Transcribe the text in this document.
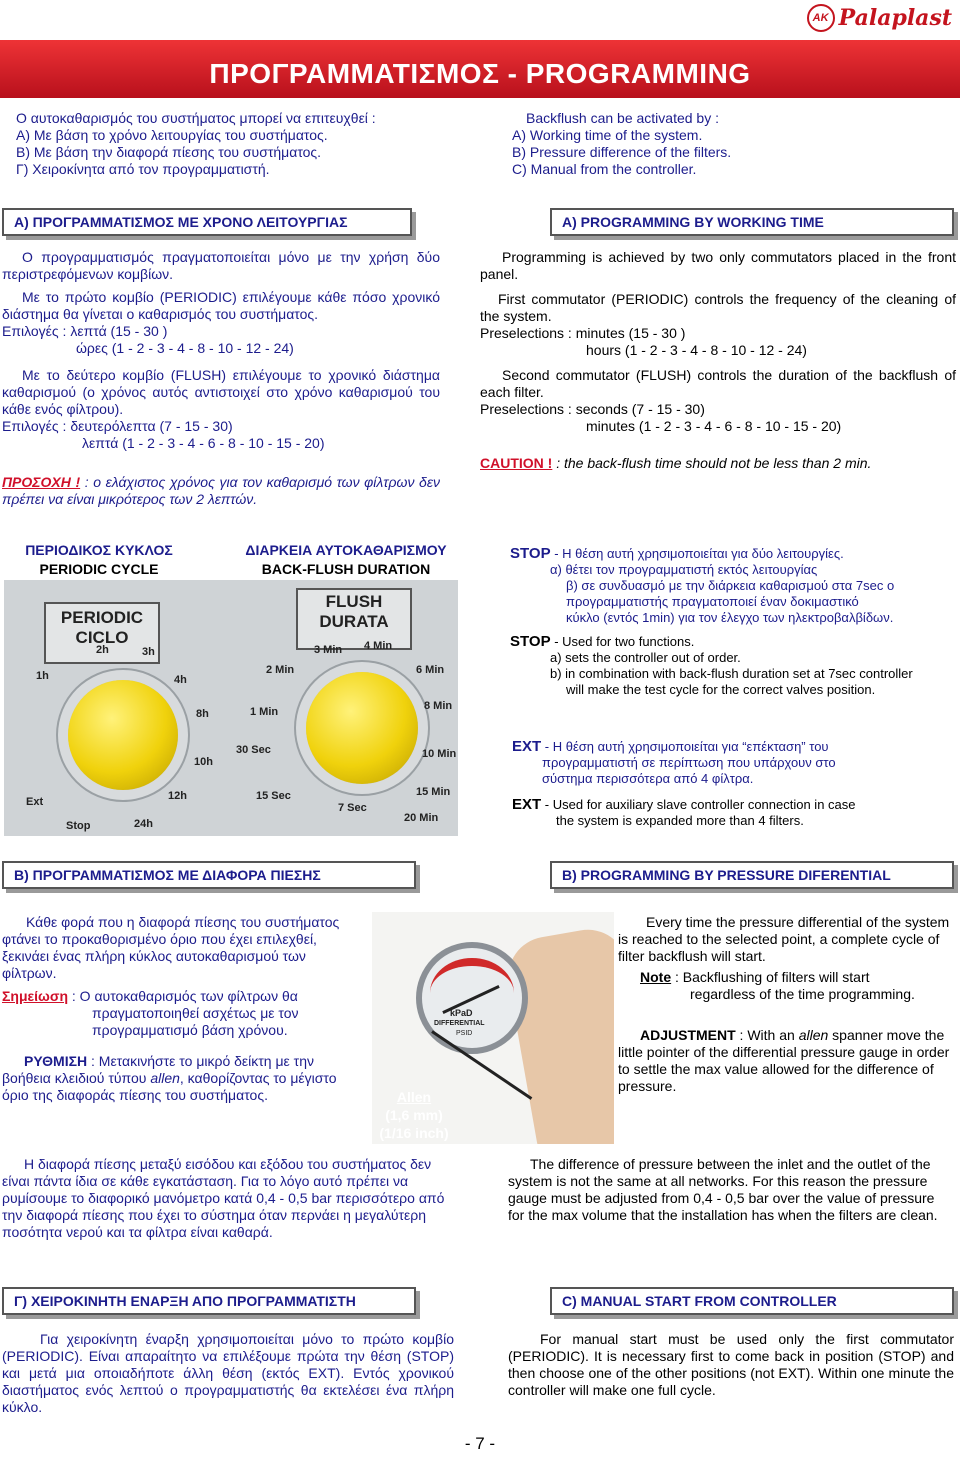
AK Palaplast
ΠΡΟΓΡΑΜΜΑΤΙΣΜΟΣ - PROGRAMMING
Ο αυτοκαθαρισμός του συστήματος μπορεί να επιτευχθεί :
Α) Με βάση το χρόνο λειτουργίας του συστήματος.
Β) Με βάση την διαφορά πίεσης του συστήματος.
Γ) Χειροκίνητα από τον προγραμματιστή.
Backflush can be activated by :
A) Working time of the system.
B) Pressure difference of the filters.
C) Manual from the controller.
Α) ΠΡΟΓΡΑΜΜΑΤΙΣΜΟΣ ΜΕ ΧΡΟΝΟ ΛΕΙΤΟΥΡΓΙΑΣ	A) PROGRAMMING BY WORKING TIME
Ο προγραμματισμός πραγματοποιείται μόνο με την χρήση δύο περιστρεφόμενων κομβίων.
Με το πρώτο κομβίο (PERIODIC) επιλέγουμε κάθε πόσο χρονικό διάστημα θα γίνεται ο καθαρισμός του συστήματος.
Επιλογές : λεπτά (15 - 30 )
ώρες (1 - 2 - 3 - 4 - 8 - 10 - 12 - 24)
Με το δεύτερο κομβίο (FLUSH) επιλέγουμε το χρονικό διάστημα καθαρισμού (ο χρόνος αυτός αντιστοιχεί στο χρόνο καθαρισμού του κάθε ενός φίλτρου).
Επιλογές : δευτερόλεπτα (7 - 15 - 30)
λεπτά (1 - 2 - 3 - 4 - 6 - 8 - 10 - 15 - 20)
ΠΡΟΣΟΧΗ ! : ο ελάχιστος χρόνος για τον καθαρισμό των φίλτρων δεν πρέπει να είναι μικρότερος των 2 λεπτών.
Programming is achieved by two only commutators placed in the front panel.
First commutator (PERIODIC) controls the frequency of the cleaning of the system.
Preselections : minutes (15 - 30 )
hours (1 - 2 - 3 - 4 - 8 - 10 - 12 - 24)
Second commutator (FLUSH) controls the duration of the backflush of each filter.
Preselections : seconds (7 - 15 - 30)
minutes (1 - 2 - 3 - 4 - 6 - 8 - 10 - 15 - 20)
CAUTION ! : the back-flush time should not be less than 2 min.
ΠΕΡΙΟΔΙΚΟΣ ΚΥΚΛΟΣ
PERIODIC CYCLE
ΔΙΑΡΚΕΙΑ ΑΥΤΟΚΑΘΑΡΙΣΜΟΥ
BACK-FLUSH DURATION
PERIODIC CICLO
FLUSH DURATA
1h
2h	3h
4h
8h
10h
12h
24h
Stop
Ext
3 Min 4 Min
6 Min
8 Min
2 Min
1 Min
30 Sec
15 Sec
7 Sec
10 Min
15 Min
20 Min
STOP - Η θέση αυτή χρησιμοποιείται για δύο λειτουργίες.
α) θέτει τον προγραμματιστή εκτός λειτουργίας
β) σε συνδυασμό με την διάρκεια καθαρισμού στα 7sec ο
προγραμματιστής πραγματοποιεί έναν δοκιμαστικό
κύκλο (εντός 1min) για τον έλεγχο των ηλεκτροβαλβίδων.
STOP - Used for two functions.
a) sets the controller out of order.
b) in combination with back-flush duration set at 7sec controller
will make the test cycle for the correct valves position.
EXT - Η θέση αυτή χρησιμοποιείται για “επέκταση” του
προγραμματιστή σε περίπτωση που υπάρχουν στο
σύστημα περισσότερα από 4 φίλτρα.
EXT - Used for auxiliary slave controller connection in case
the system is expanded more than 4 filters.
Β) ΠΡΟΓΡΑΜΜΑΤΙΣΜΟΣ ΜΕ ΔΙΑΦΟΡΑ ΠΙΕΣΗΣ	B) PROGRAMMING BY PRESSURE DIFERENTIAL
Κάθε φορά που η διαφορά πίεσης του συστήματος φτάνει το προκαθορισμένο όριο που έχει επιλεχθεί, ξεκινάει ένας πλήρη κύκλος αυτοκαθαρισμού των φίλτρων.
Σημείωση : Ο αυτοκαθαρισμός των φίλτρων θα
πραγματοποιηθεί ασχέτως με τον
προγραμματισμό βάση χρόνου.
ΡΥΘΜΙΣΗ : Μετακινήστε το μικρό δείκτη με την βοήθεια κλειδιού τύπου allen, καθορίζοντας το μέγιστο όριο της διαφοράς πίεσης του συστήματος.
kPaD
DIFFERENTIAL
PSID
Allen
(1,6 mm)
(1/16 inch)
Η διαφορά πίεσης μεταξύ εισόδου και εξόδου του συστήματος δεν είναι πάντα ίδια σε κάθε εγκατάσταση. Για το λόγο αυτό πρέπει να ρυμίσουμε το διαφορικό μανόμετρο κατά 0,4 - 0,5 bar περισσότερο από την διαφορά πίεσης που έχει το σύστημα όταν περνάει η μεγαλύτερη ποσότητα νερού και τα φίλτρα είναι καθαρά.
Every time the pressure differential of the system is reached to the selected point, a complete cycle of filter backflush will start.
Note : Backflushing of filters will start
regardless of the time programming.
ADJUSTMENT : With an allen spanner move the little pointer of the differential pressure gauge in order to settle the max value allowed for the difference of pressure.
The difference of pressure between the inlet and the outlet of the system is not the same at all networks. For this reason the pressure gauge must be adjusted from 0,4 - 0,5 bar over the value of pressure for the max volume that the installation has when the filters are clean.
Γ) ΧΕΙΡΟΚΙΝΗΤΗ ΕΝΑΡΞΗ ΑΠΟ ΠΡΟΓΡΑΜΜΑΤΙΣΤΗ	C) MANUAL START FROM CONTROLLER
Για χειροκίνητη έναρξη χρησιμοποιείται μόνο το πρώτο κομβίο (PERIODIC). Είναι απαραίτητο να επιλέξουμε πρώτα την θέση (STOP) και μετά μια οποιαδήποτε άλλη θέση (εκτός EXT). Εντός χρονικού διαστήματος ενός λεπτού ο προγραμματιστής θα εκτελέσει ένα πλήρη κύκλο.
For manual start must be used only the first commutator (PERIODIC). It is necessary first to come back in position (STOP) and then choose one of the other positions (not EXT). Within one minute the controller will make one full cycle.
- 7 -
